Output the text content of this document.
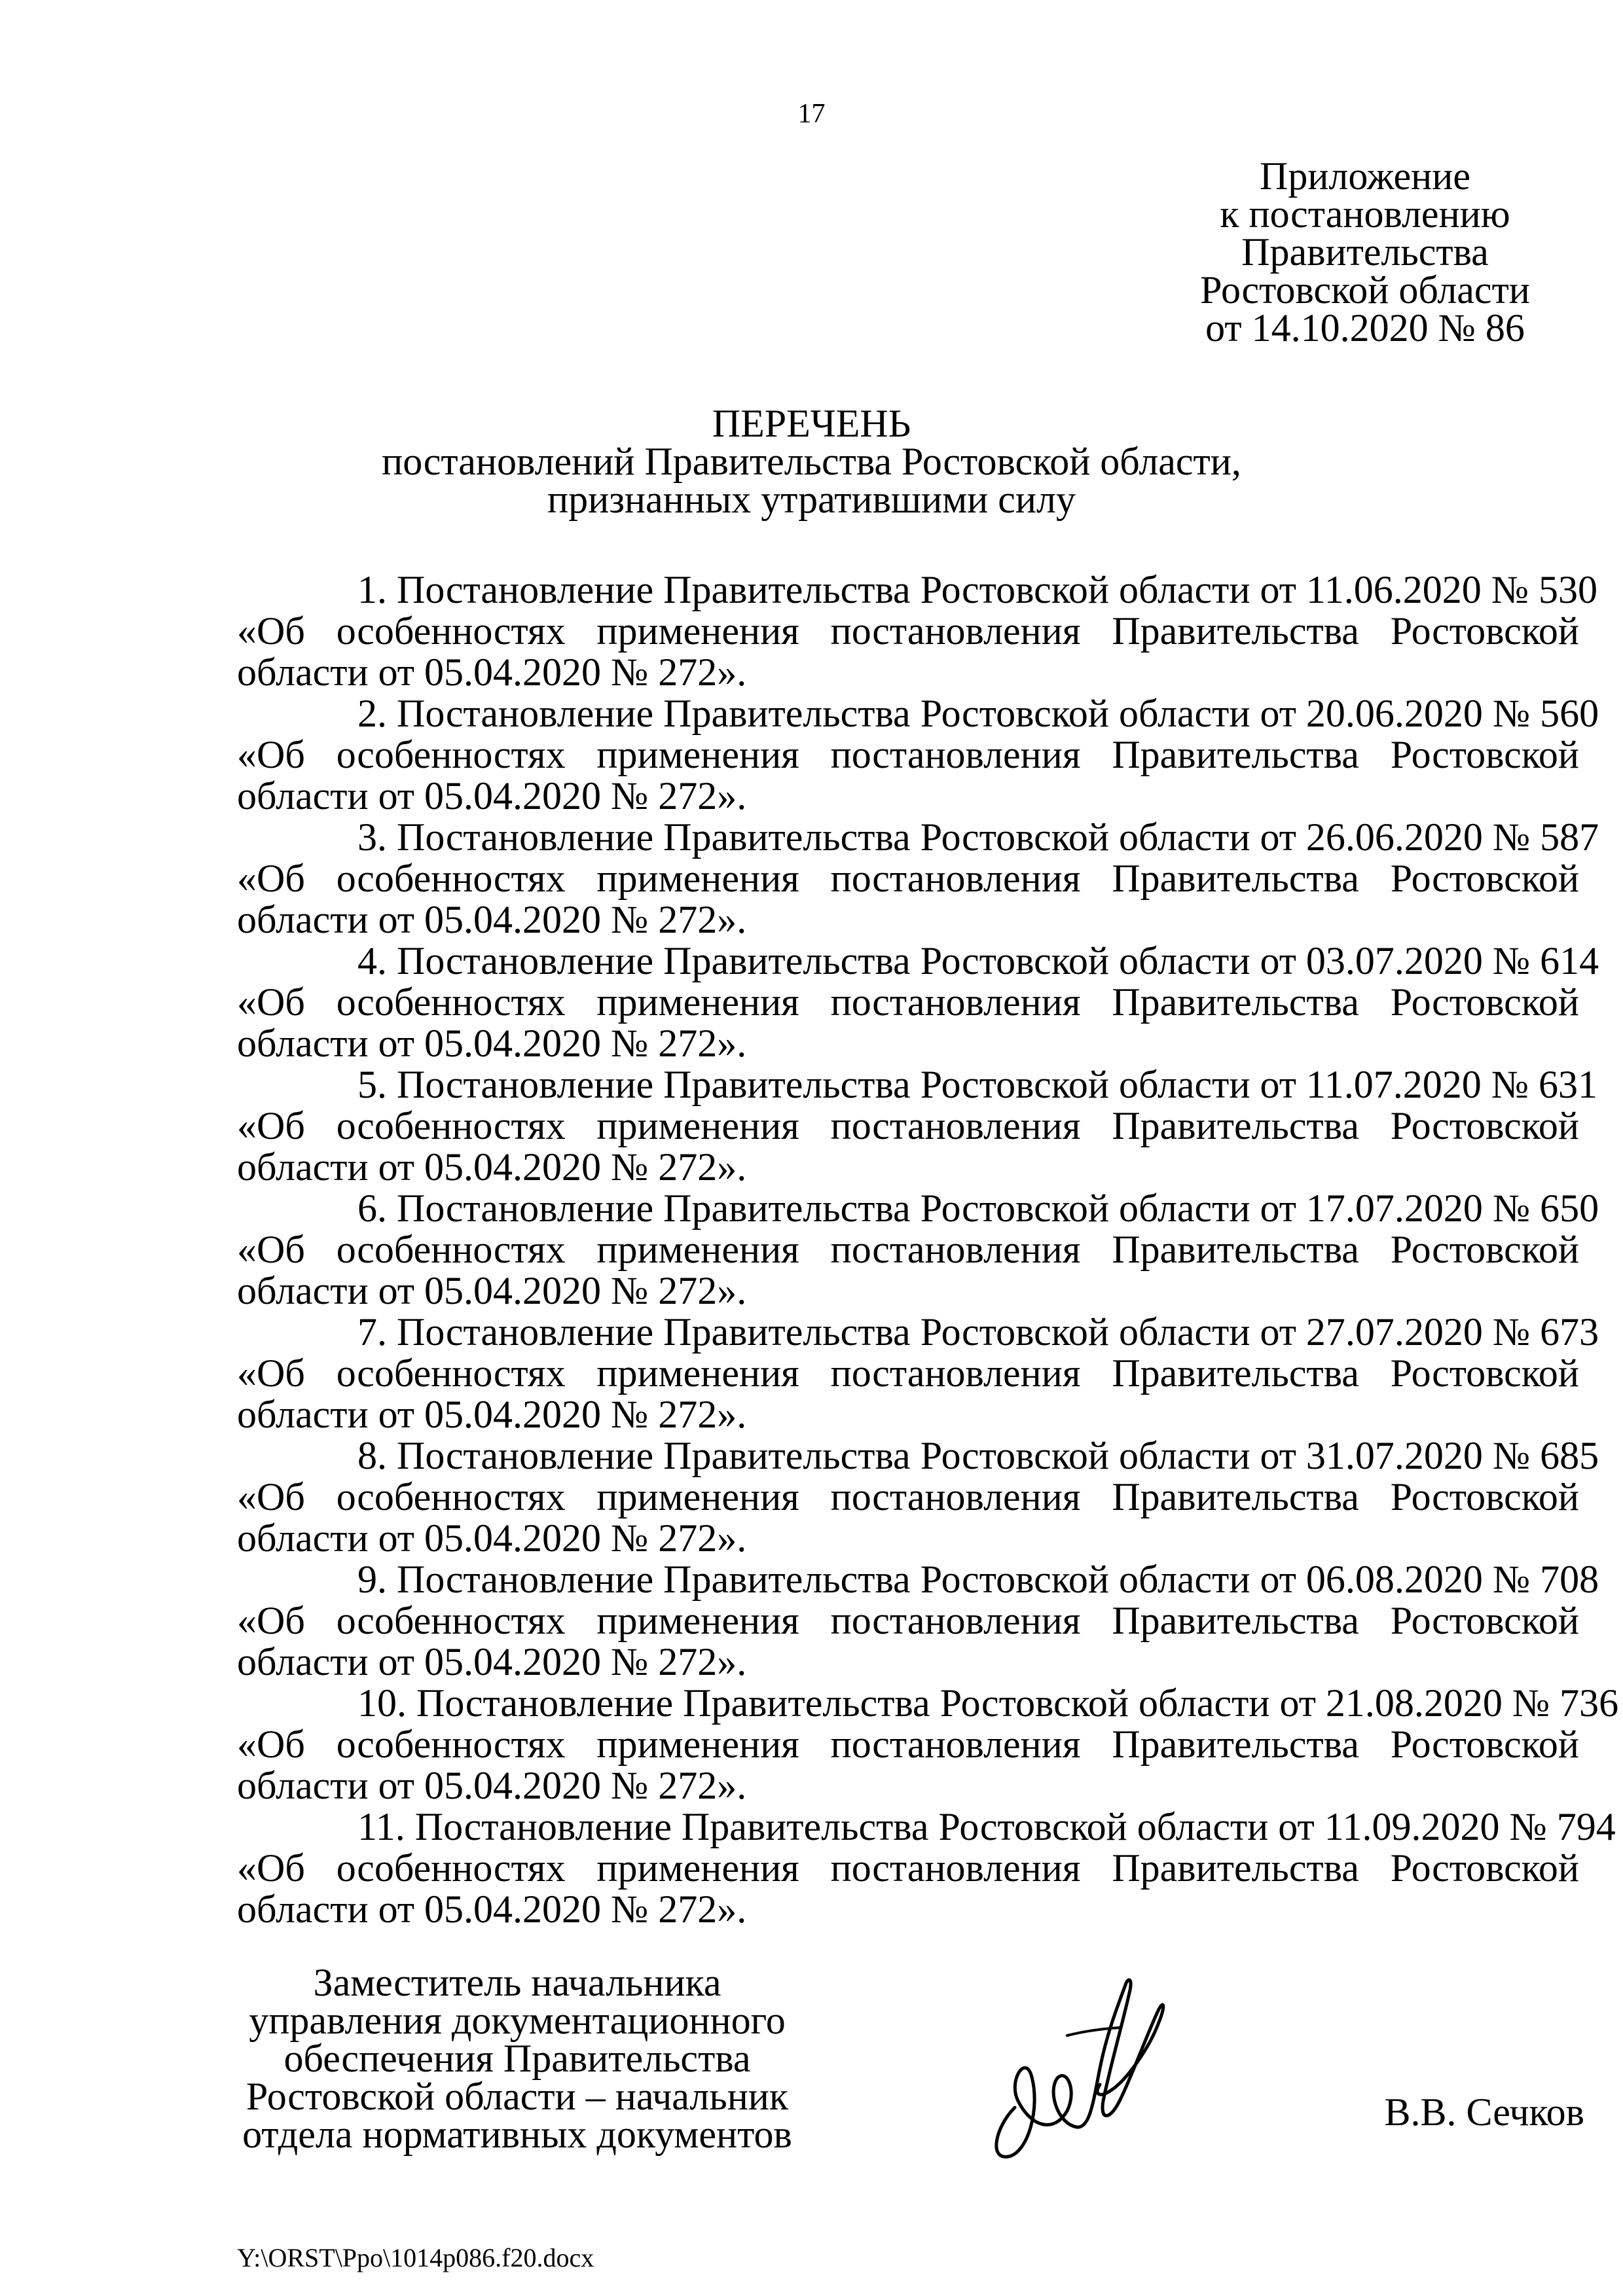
17
Приложение
к постановлению
Правительства
Ростовской области
от 14.10.2020 № 86
ПЕРЕЧЕНЬ
постановлений Правительства Ростовской области,
признанных утратившими силу
1. Постановление Правительства Ростовской области от 11.06.2020 № 530
«Об особенностях применения постановления Правительства Ростовской
области от 05.04.2020 № 272».
2. Постановление Правительства Ростовской области от 20.06.2020 № 560
«Об особенностях применения постановления Правительства Ростовской
области от 05.04.2020 № 272».
3. Постановление Правительства Ростовской области от 26.06.2020 № 587
«Об особенностях применения постановления Правительства Ростовской
области от 05.04.2020 № 272».
4. Постановление Правительства Ростовской области от 03.07.2020 № 614
«Об особенностях применения постановления Правительства Ростовской
области от 05.04.2020 № 272».
5. Постановление Правительства Ростовской области от 11.07.2020 № 631
«Об особенностях применения постановления Правительства Ростовской
области от 05.04.2020 № 272».
6. Постановление Правительства Ростовской области от 17.07.2020 № 650
«Об особенностях применения постановления Правительства Ростовской
области от 05.04.2020 № 272».
7. Постановление Правительства Ростовской области от 27.07.2020 № 673
«Об особенностях применения постановления Правительства Ростовской
области от 05.04.2020 № 272».
8. Постановление Правительства Ростовской области от 31.07.2020 № 685
«Об особенностях применения постановления Правительства Ростовской
области от 05.04.2020 № 272».
9. Постановление Правительства Ростовской области от 06.08.2020 № 708
«Об особенностях применения постановления Правительства Ростовской
области от 05.04.2020 № 272».
10. Постановление Правительства Ростовской области от 21.08.2020 № 736
«Об особенностях применения постановления Правительства Ростовской
области от 05.04.2020 № 272».
11. Постановление Правительства Ростовской области от 11.09.2020 № 794
«Об особенностях применения постановления Правительства Ростовской
области от 05.04.2020 № 272».
Заместитель начальника
управления документационного
обеспечения Правительства
Ростовской области – начальник
отдела нормативных документов
В.В. Сечков
Y:\ORST\Ppo\1014p086.f20.docx
